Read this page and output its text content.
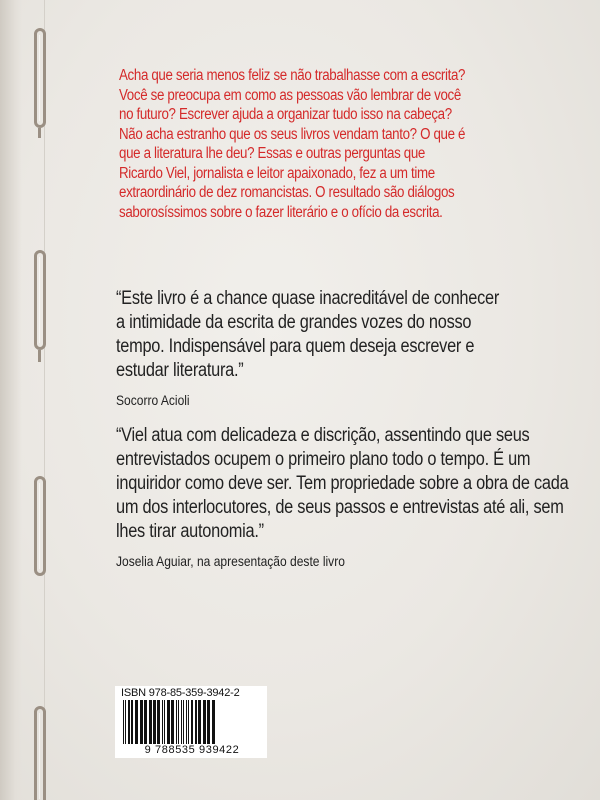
Acha que seria menos feliz se não trabalhasse com a escrita? Você se preocupa em como as pessoas vão lembrar de você no futuro? Escrever ajuda a organizar tudo isso na cabeça? Não acha estranho que os seus livros vendam tanto? O que é que a literatura lhe deu? Essas e outras perguntas que Ricardo Viel, jornalista e leitor apaixonado, fez a um time extraordinário de dez romancistas. O resultado são diálogos saborosíssimos sobre o fazer literário e o ofício da escrita.

“Este livro é a chance quase inacreditável de conhecer a intimidade da escrita de grandes vozes do nosso tempo. Indispensável para quem deseja escrever e estudar literatura.”

Socorro Acioli

“Viel atua com delicadeza e discrição, assentindo que seus entrevistados ocupem o primeiro plano todo o tempo. É um inquiridor como deve ser. Tem propriedade sobre a obra de cada um dos interlocutores, de seus passos e entrevistas até ali, sem lhes tirar autonomia.”

Joselia Aguiar, na apresentação deste livro

ISBN 978-85-359-3942-2
9 788535 939422
